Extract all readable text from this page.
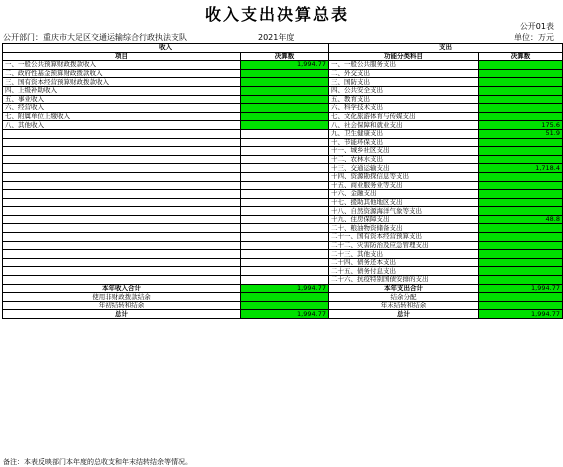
收入支出决算总表
公开01表
公开部门：重庆市大足区交通运输综合行政执法支队	2021年度	单位：万元
收入		支出	
项目	决算数	功能分类科目	决算数
一、一般公共预算财政拨款收入	1,994.77	一、一般公共服务支出	
二、政府性基金预算财政拨款收入		二、外交支出	
三、国有资本经营预算财政拨款收入		三、国防支出	
四、上级补助收入		四、公共安全支出	
五、事业收入		五、教育支出	
六、经营收入		六、科学技术支出	
七、附属单位上缴收入		七、文化旅游体育与传媒支出	
八、其他收入		八、社会保障和就业支出	175.6
		九、卫生健康支出	51.9
		十、节能环保支出	
		十一、城乡社区支出	
		十二、农林水支出	
		十三、交通运输支出	1,718.4
		十四、资源勘探信息等支出	
		十五、商业服务业等支出	
		十六、金融支出	
		十七、援助其他地区支出	
		十八、自然资源海洋气象等支出	
		十九、住房保障支出	48.8
		二十、粮油物资储备支出	
		二十一、国有资本经营预算支出	
		二十二、灾害防治及应急管理支出	
		二十三、其他支出	
		二十四、债务还本支出	
		二十五、债务付息支出	
		二十六、抗疫特别国债安排的支出	
本年收入合计	1,994.77	本年支出合计	1,994.77
使用非财政拨款结余		结余分配	
年初结转和结余		年末结转和结余	
总计	1,994.77	总计	1,994.77
备注：本表反映部门本年度的总收支和年末结转结余等情况。
